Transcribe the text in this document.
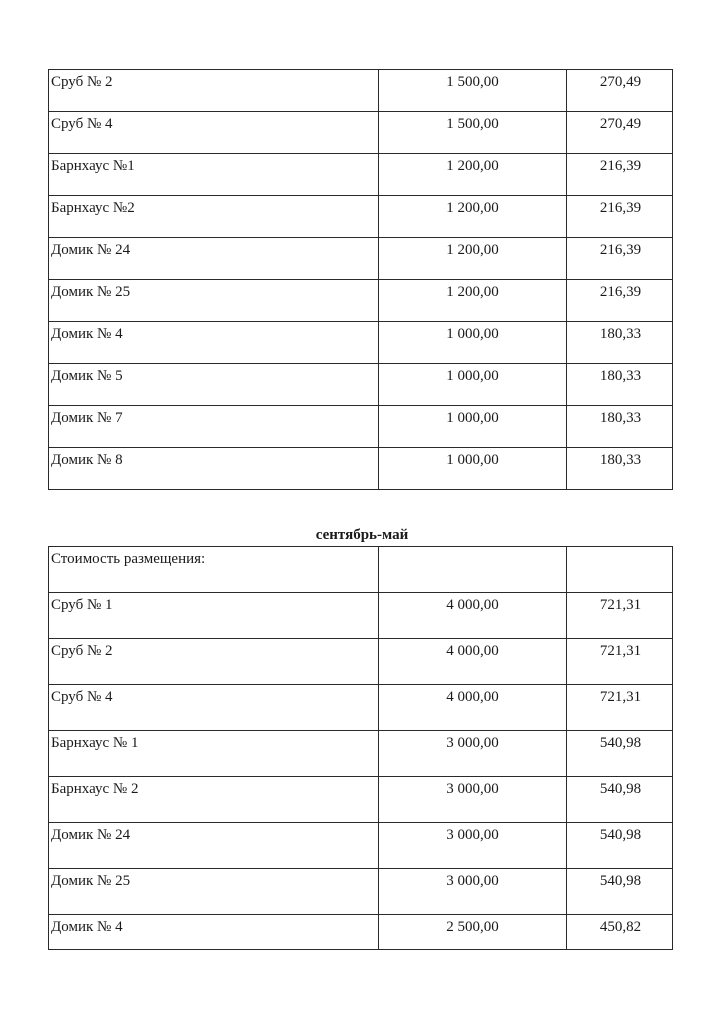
Сруб № 2	1 500,00	270,49
Сруб № 4	1 500,00	270,49
Барнхаус №1	1 200,00	216,39
Барнхаус №2	1 200,00	216,39
Домик № 24	1 200,00	216,39
Домик № 25	1 200,00	216,39
Домик № 4	1 000,00	180,33
Домик № 5	1 000,00	180,33
Домик № 7	1 000,00	180,33
Домик № 8	1 000,00	180,33
сентябрь-май
Стоимость размещения:		
Сруб № 1	4 000,00	721,31
Сруб № 2	4 000,00	721,31
Сруб № 4	4 000,00	721,31
Барнхаус № 1	3 000,00	540,98
Барнхаус № 2	3 000,00	540,98
Домик № 24	3 000,00	540,98
Домик № 25	3 000,00	540,98
Домик № 4	2 500,00	450,82
